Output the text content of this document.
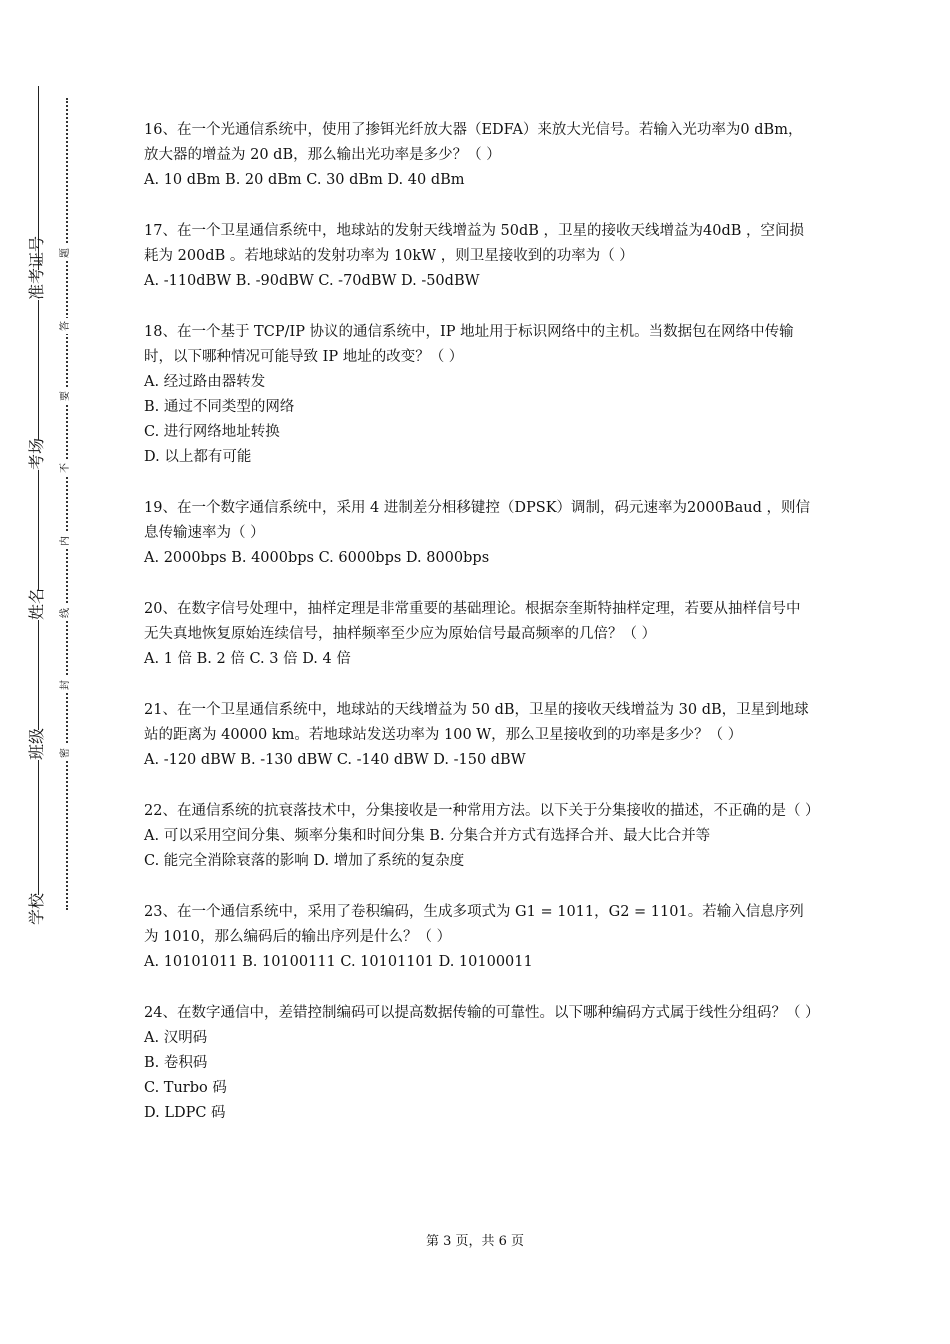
准考证号
考场
姓名
班级
学校
题
答
要
不
内
线
封
密

16、在一个光通信系统中，使用了掺铒光纤放大器（EDFA）来放大光信号。若输入光功率为0 dBm，放大器的增益为 20 dB，那么输出光功率是多少？（ ）

A. 10 dBm B. 20 dBm C. 30 dBm D. 40 dBm

17、在一个卫星通信系统中，地球站的发射天线增益为 50dB ，卫星的接收天线增益为40dB ，空间损耗为 200dB 。若地球站的发射功率为 10kW ，则卫星接收到的功率为（ ）

A. -110dBW B. -90dBW C. -70dBW D. -50dBW

18、在一个基于 TCP/IP 协议的通信系统中，IP 地址用于标识网络中的主机。当数据包在网络中传输时，以下哪种情况可能导致 IP 地址的改变？（ ）

A. 经过路由器转发

B. 通过不同类型的网络

C. 进行网络地址转换

D. 以上都有可能

19、在一个数字通信系统中，采用 4 进制差分相移键控（DPSK）调制，码元速率为2000Baud ，则信息传输速率为（ ）

A. 2000bps B. 4000bps C. 6000bps D. 8000bps

20、在数字信号处理中，抽样定理是非常重要的基础理论。根据奈奎斯特抽样定理，若要从抽样信号中无失真地恢复原始连续信号，抽样频率至少应为原始信号最高频率的几倍？（ ）

A. 1 倍 B. 2 倍 C. 3 倍 D. 4 倍

21、在一个卫星通信系统中，地球站的天线增益为 50 dB，卫星的接收天线增益为 30 dB，卫星到地球站的距离为 40000 km。若地球站发送功率为 100 W，那么卫星接收到的功率是多少？（ ）

A. -120 dBW B. -130 dBW C. -140 dBW D. -150 dBW

22、在通信系统的抗衰落技术中，分集接收是一种常用方法。以下关于分集接收的描述，不正确的是（ ）

A. 可以采用空间分集、频率分集和时间分集 B. 分集合并方式有选择合并、最大比合并等

C. 能完全消除衰落的影响 D. 增加了系统的复杂度

23、在一个通信系统中，采用了卷积编码，生成多项式为 G1 = 1011，G2 = 1101。若输入信息序列为 1010，那么编码后的输出序列是什么？（ ）

A. 10101011 B. 10100111 C. 10101101 D. 10100011

24、在数字通信中，差错控制编码可以提高数据传输的可靠性。以下哪种编码方式属于线性分组码？（ ）

A. 汉明码

B. 卷积码

C. Turbo 码

D. LDPC 码

第 3 页，共 6 页
